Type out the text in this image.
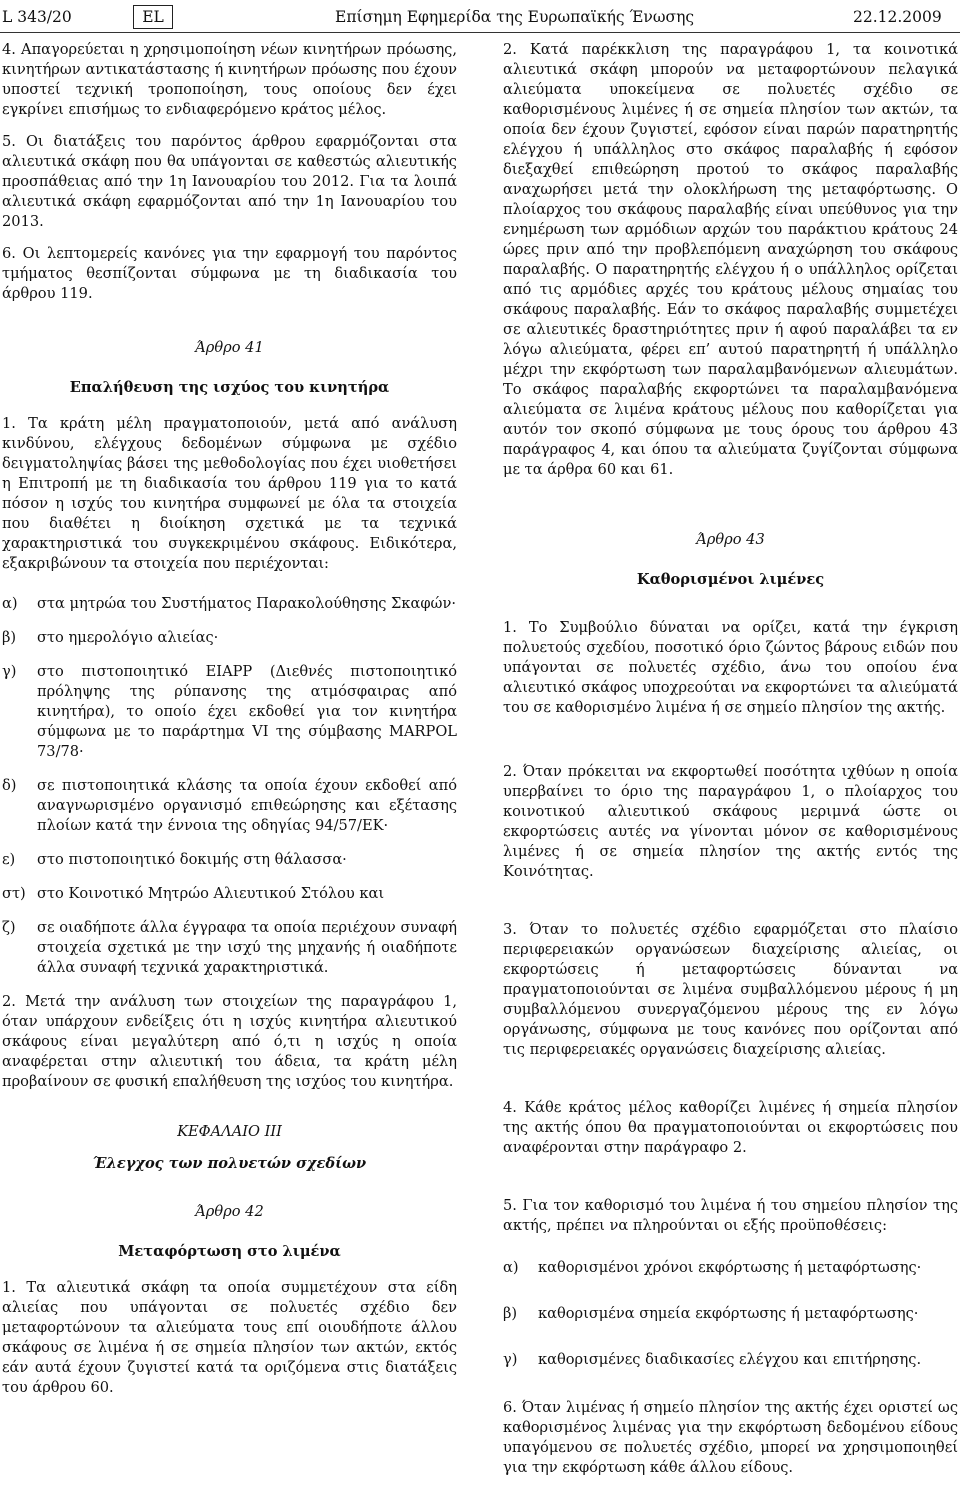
L 343/20	EL	Επίσημη Εφημερίδα της Ευρωπαϊκής Ένωσης	22.12.2009

4. Απαγορεύεται η χρησιμοποίηση νέων κινητήρων πρόωσης, κινητήρων αντικατάστασης ή κινητήρων πρόωσης που έχουν υποστεί τεχνική τροποποίηση, τους οποίους δεν έχει εγκρίνει επισήμως το ενδιαφερόμενο κράτος μέλος.

5. Οι διατάξεις του παρόντος άρθρου εφαρμόζονται στα αλιευτικά σκάφη που θα υπάγονται σε καθεστώς αλιευτικής προσπάθειας από την 1η Ιανουαρίου του 2012. Για τα λοιπά αλιευτικά σκάφη εφαρμόζονται από την 1η Ιανουαρίου του 2013.

6. Οι λεπτομερείς κανόνες για την εφαρμογή του παρόντος τμήματος θεσπίζονται σύμφωνα με τη διαδικασία του άρθρου 119.

Άρθρο 41

Επαλήθευση της ισχύος του κινητήρα

1. Τα κράτη μέλη πραγματοποιούν, μετά από ανάλυση κινδύνου, ελέγχους δεδομένων σύμφωνα με σχέδιο δειγματοληψίας βάσει της μεθοδολογίας που έχει υιοθετήσει η Επιτροπή με τη διαδικασία του άρθρου 119 για το κατά πόσον η ισχύς του κινητήρα συμφωνεί με όλα τα στοιχεία που διαθέτει η διοίκηση σχετικά με τα τεχνικά χαρακτηριστικά του συγκεκριμένου σκάφους. Ειδικότερα, εξακριβώνουν τα στοιχεία που περιέχονται:

α)	στα μητρώα του Συστήματος Παρακολούθησης Σκαφών·
β)	στο ημερολόγιο αλιείας·
γ)	στο πιστοποιητικό EIAPP (Διεθνές πιστοποιητικό πρόληψης της ρύπανσης της ατμόσφαιρας από κινητήρα), το οποίο έχει εκδοθεί για τον κινητήρα σύμφωνα με το παράρτημα VI της σύμβασης MARPOL 73/78·
δ)	σε πιστοποιητικά κλάσης τα οποία έχουν εκδοθεί από αναγνωρισμένο οργανισμό επιθεώρησης και εξέτασης πλοίων κατά την έννοια της οδηγίας 94/57/ΕΚ·
ε)	στο πιστοποιητικό δοκιμής στη θάλασσα·
στ) στο Κοινοτικό Μητρώο Αλιευτικού Στόλου και
ζ)	σε οιαδήποτε άλλα έγγραφα τα οποία περιέχουν συναφή στοιχεία σχετικά με την ισχύ της μηχανής ή οιαδήποτε άλλα συναφή τεχνικά χαρακτηριστικά.

2. Μετά την ανάλυση των στοιχείων της παραγράφου 1, όταν υπάρχουν ενδείξεις ότι η ισχύς κινητήρα αλιευτικού σκάφους είναι μεγαλύτερη από ό,τι η ισχύς η οποία αναφέρεται στην αλιευτική του άδεια, τα κράτη μέλη προβαίνουν σε φυσική επαλήθευση της ισχύος του κινητήρα.

ΚΕΦΑΛΑΙΟ III

Έλεγχος των πολυετών σχεδίων

Άρθρο 42

Μεταφόρτωση στο λιμένα

1. Τα αλιευτικά σκάφη τα οποία συμμετέχουν στα είδη αλιείας που υπάγονται σε πολυετές σχέδιο δεν μεταφορτώνουν τα αλιεύματα τους επί οιουδήποτε άλλου σκάφους σε λιμένα ή σε σημεία πλησίον των ακτών, εκτός εάν αυτά έχουν ζυγιστεί κατά τα οριζόμενα στις διατάξεις του άρθρου 60.

2. Κατά παρέκκλιση της παραγράφου 1, τα κοινοτικά αλιευτικά σκάφη μπορούν να μεταφορτώνουν πελαγικά αλιεύματα υποκείμενα σε πολυετές σχέδιο σε καθορισμένους λιμένες ή σε σημεία πλησίον των ακτών, τα οποία δεν έχουν ζυγιστεί, εφόσον είναι παρών παρατηρητής ελέγχου ή υπάλληλος στο σκάφος παραλαβής ή εφόσον διεξαχθεί επιθεώρηση προτού το σκάφος παραλαβής αναχωρήσει μετά την ολοκλήρωση της μεταφόρτωσης. Ο πλοίαρχος του σκάφους παραλαβής είναι υπεύθυνος για την ενημέρωση των αρμόδιων αρχών του παράκτιου κράτους 24 ώρες πριν από την προβλεπόμενη αναχώρηση του σκάφους παραλαβής. Ο παρατηρητής ελέγχου ή ο υπάλληλος ορίζεται από τις αρμόδιες αρχές του κράτους μέλους σημαίας του σκάφους παραλαβής. Εάν το σκάφος παραλαβής συμμετέχει σε αλιευτικές δραστηριότητες πριν ή αφού παραλάβει τα εν λόγω αλιεύματα, φέρει επ’ αυτού παρατηρητή ή υπάλληλο μέχρι την εκφόρτωση των παραλαμβανόμενων αλιευμάτων. Το σκάφος παραλαβής εκφορτώνει τα παραλαμβανόμενα αλιεύματα σε λιμένα κράτους μέλους που καθορίζεται για αυτόν τον σκοπό σύμφωνα με τους όρους του άρθρου 43 παράγραφος 4, και όπου τα αλιεύματα ζυγίζονται σύμφωνα με τα άρθρα 60 και 61.

Άρθρο 43

Καθορισμένοι λιμένες

1. Το Συμβούλιο δύναται να ορίζει, κατά την έγκριση πολυετούς σχεδίου, ποσοτικό όριο ζώντος βάρους ειδών που υπάγονται σε πολυετές σχέδιο, άνω του οποίου ένα αλιευτικό σκάφος υποχρεούται να εκφορτώνει τα αλιεύματά του σε καθορισμένο λιμένα ή σε σημείο πλησίον της ακτής.

2. Όταν πρόκειται να εκφορτωθεί ποσότητα ιχθύων η οποία υπερβαίνει το όριο της παραγράφου 1, ο πλοίαρχος του κοινοτικού αλιευτικού σκάφους μεριμνά ώστε οι εκφορτώσεις αυτές να γίνονται μόνον σε καθορισμένους λιμένες ή σε σημεία πλησίον της ακτής εντός της Κοινότητας.

3. Όταν το πολυετές σχέδιο εφαρμόζεται στο πλαίσιο περιφερειακών οργανώσεων διαχείρισης αλιείας, οι εκφορτώσεις ή μεταφορτώσεις δύνανται να πραγματοποιούνται σε λιμένα συμβαλλόμενου μέρους ή μη συμβαλλόμενου συνεργαζόμενου μέρους της εν λόγω οργάνωσης, σύμφωνα με τους κανόνες που ορίζονται από τις περιφερειακές οργανώσεις διαχείρισης αλιείας.

4. Κάθε κράτος μέλος καθορίζει λιμένες ή σημεία πλησίον της ακτής όπου θα πραγματοποιούνται οι εκφορτώσεις που αναφέρονται στην παράγραφο 2.

5. Για τον καθορισμό του λιμένα ή του σημείου πλησίον της ακτής, πρέπει να πληρούνται οι εξής προϋποθέσεις:

α)	καθορισμένοι χρόνοι εκφόρτωσης ή μεταφόρτωσης·
β)	καθορισμένα σημεία εκφόρτωσης ή μεταφόρτωσης·
γ)	καθορισμένες διαδικασίες ελέγχου και επιτήρησης.

6. Όταν λιμένας ή σημείο πλησίον της ακτής έχει οριστεί ως καθορισμένος λιμένας για την εκφόρτωση δεδομένου είδους υπαγόμενου σε πολυετές σχέδιο, μπορεί να χρησιμοποιηθεί για την εκφόρτωση κάθε άλλου είδους.
